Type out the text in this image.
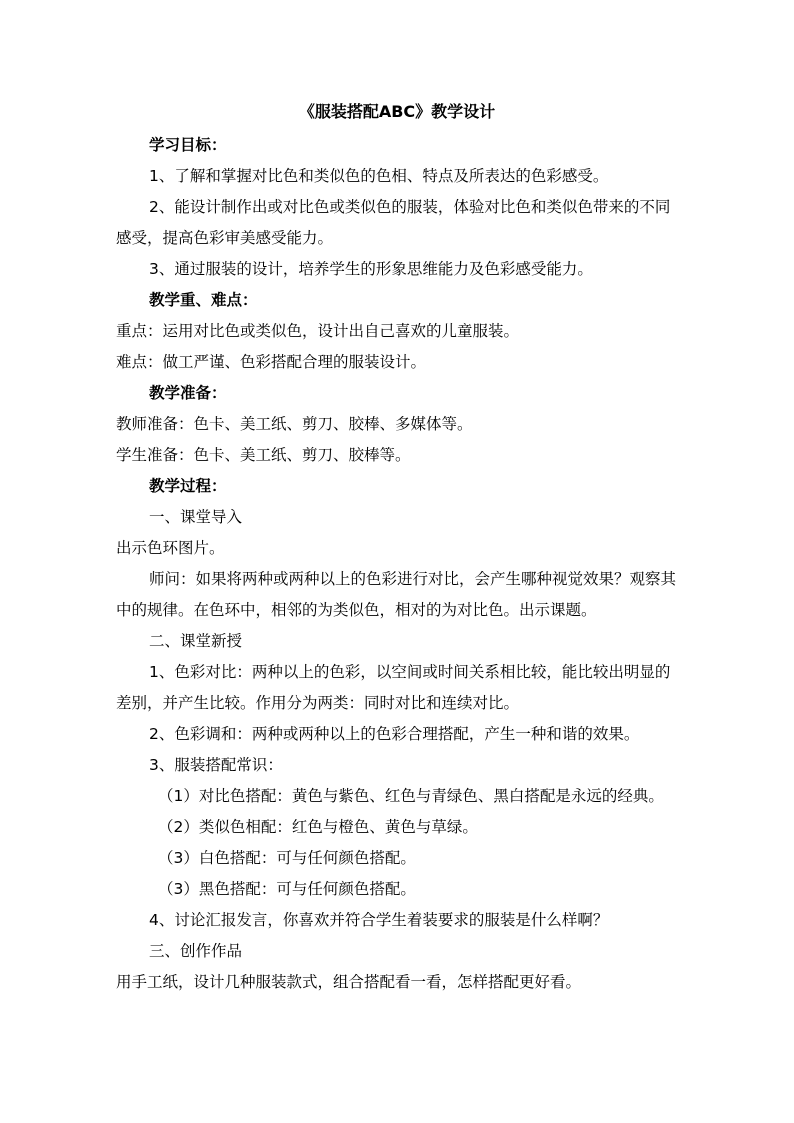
《服装搭配ABC》教学设计

学习目标：

1、了解和掌握对比色和类似色的色相、特点及所表达的色彩感受。

2、能设计制作出或对比色或类似色的服装，体验对比色和类似色带来的不同感受，提高色彩审美感受能力。

3、通过服装的设计，培养学生的形象思维能力及色彩感受能力。

教学重、难点：

重点：运用对比色或类似色，设计出自己喜欢的儿童服装。

难点：做工严谨、色彩搭配合理的服装设计。

教学准备：

教师准备：色卡、美工纸、剪刀、胶棒、多媒体等。

学生准备：色卡、美工纸、剪刀、胶棒等。

教学过程：

一、课堂导入

出示色环图片。

师问：如果将两种或两种以上的色彩进行对比，会产生哪种视觉效果？观察其中的规律。在色环中，相邻的为类似色，相对的为对比色。出示课题。

二、课堂新授

1、色彩对比：两种以上的色彩，以空间或时间关系相比较，能比较出明显的差别，并产生比较。作用分为两类：同时对比和连续对比。

2、色彩调和：两种或两种以上的色彩合理搭配，产生一种和谐的效果。

3、服装搭配常识：

（1）对比色搭配：黄色与紫色、红色与青绿色、黑白搭配是永远的经典。

（2）类似色相配：红色与橙色、黄色与草绿。

（3）白色搭配：可与任何颜色搭配。

（3）黑色搭配：可与任何颜色搭配。

4、讨论汇报发言，你喜欢并符合学生着装要求的服装是什么样啊？

三、创作作品

用手工纸，设计几种服装款式，组合搭配看一看，怎样搭配更好看。
